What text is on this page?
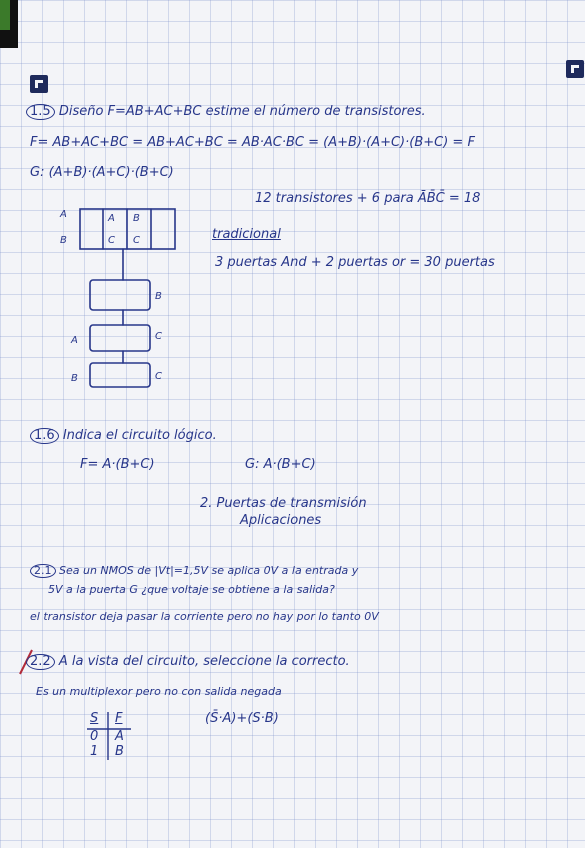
1.5 Diseño F=AB+AC+BC estime el número de transistores.
F= AB+AC+BC = AB+AC+BC = AB·AC·BC = (A+B)·(A+C)·(B+C) = F
G: (A+B)·(A+C)·(B+C)
12 transistores + 6 para ĀB̄C̄ = 18
tradicional
3 puertas And + 2 puertas or = 30 puertas
A
B
A
C
B
C
B
A	C
B	C
1.6 Indica el circuito lógico.
F= A·(B+C)	G: A·(B+C)
2. Puertas de transmisión
Aplicaciones
2.1 Sea un NMOS de |Vt|=1,5V se aplica 0V a la entrada y
5V a la puerta G ¿que voltaje se obtiene a la salida?
el transistor deja pasar la corriente pero no hay por lo tanto 0V
2.2 A la vista del circuito, seleccione la correcto.
Es un multiplexor pero no con salida negada
S F
0 A
1 B
(S̄·A)+(S·B)
